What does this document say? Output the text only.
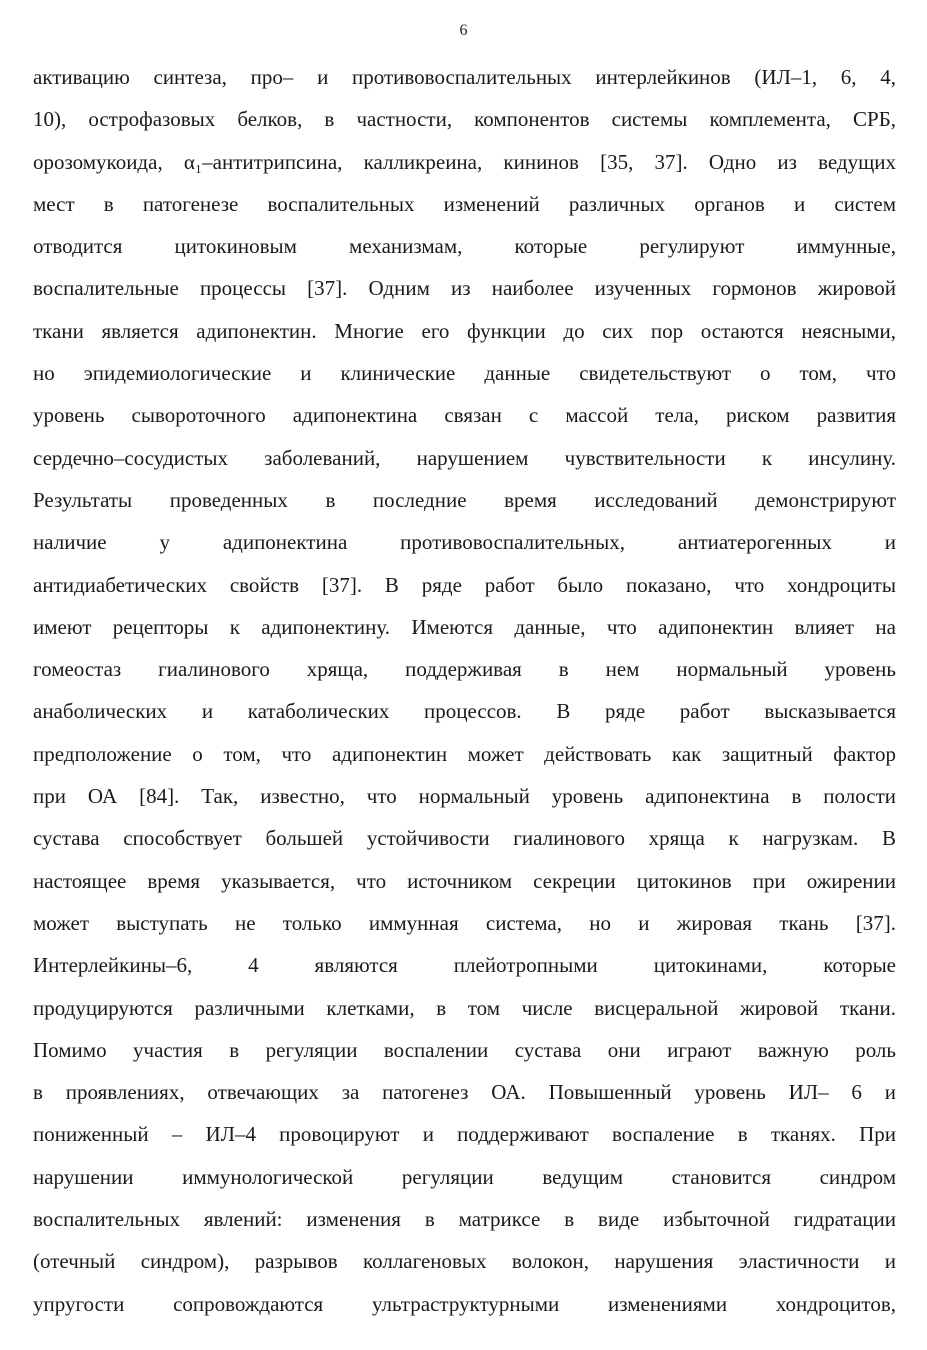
6
активацию синтеза, про– и противовоспалительных интерлейкинов (ИЛ–1, 6, 4,
10), острофазовых белков, в частности, компонентов системы комплемента, СРБ,
орозомукоида, α₁–антитрипсина, калликреина, кининов [35, 37]. Одно из ведущих
мест в патогенезе воспалительных изменений различных органов и систем
отводится цитокиновым механизмам, которые регулируют иммунные,
воспалительные процессы [37]. Одним из наиболее изученных гормонов жировой
ткани является адипонектин. Многие его функции до сих пор остаются неясными,
но эпидемиологические и клинические данные свидетельствуют о том, что
уровень сывороточного адипонектина связан с массой тела, риском развития
сердечно–сосудистых заболеваний, нарушением чувствительности к инсулину.
Результаты проведенных в последние время исследований демонстрируют
наличие у адипонектина противовоспалительных, антиатерогенных и
антидиабетических свойств [37]. В ряде работ было показано, что хондроциты
имеют рецепторы к адипонектину. Имеются данные, что адипонектин влияет на
гомеостаз гиалинового хряща, поддерживая в нем нормальный уровень
анаболических и катаболических процессов. В ряде работ высказывается
предположение о том, что адипонектин может действовать как защитный фактор
при ОА [84]. Так, известно, что нормальный уровень адипонектина в полости
сустава способствует большей устойчивости гиалинового хряща к нагрузкам. В
настоящее время указывается, что источником секреции цитокинов при ожирении
может выступать не только иммунная система, но и жировая ткань [37].
Интерлейкины–6, 4 являются плейотропными цитокинами, которые
продуцируются различными клетками, в том числе висцеральной жировой ткани.
Помимо участия в регуляции воспалении сустава они играют важную роль
в проявлениях, отвечающих за патогенез ОА. Повышенный уровень ИЛ– 6 и
пониженный – ИЛ–4 провоцируют и поддерживают воспаление в тканях. При
нарушении иммунологической регуляции ведущим становится синдром
воспалительных явлений: изменения в матриксе в виде избыточной гидратации
(отечный синдром), разрывов коллагеновых волокон, нарушения эластичности и
упругости сопровождаются ультраструктурными изменениями хондроцитов,
